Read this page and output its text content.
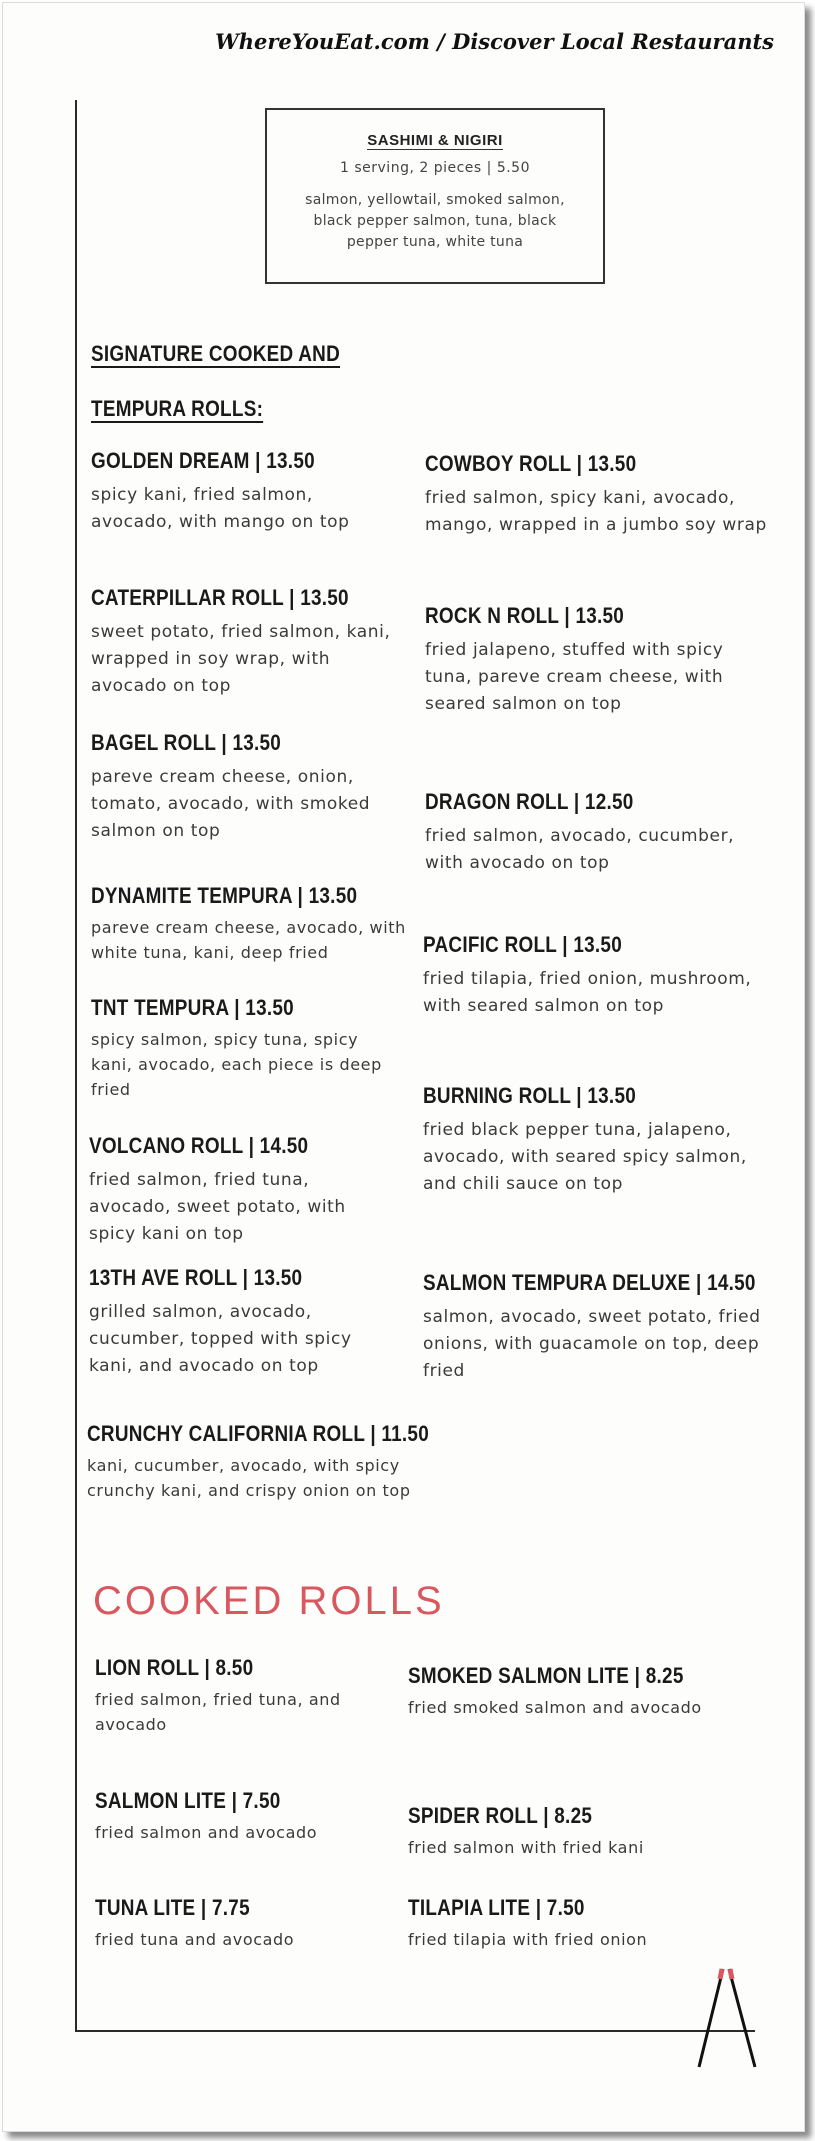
WhereYouEat.com / Discover Local Restaurants
SASHIMI & NIGIRI
1 serving, 2 pieces | 5.50
salmon, yellowtail, smoked salmon, black pepper salmon, tuna, black pepper tuna, white tuna
SIGNATURE COOKED AND
TEMPURA ROLLS:
GOLDEN DREAM | 13.50
spicy kani, fried salmon, avocado, with mango on top
CATERPILLAR ROLL | 13.50
sweet potato, fried salmon, kani, wrapped in soy wrap, with avocado on top
BAGEL ROLL | 13.50
pareve cream cheese, onion, tomato, avocado, with smoked salmon on top
DYNAMITE TEMPURA | 13.50
pareve cream cheese, avocado, with white tuna, kani, deep fried
TNT TEMPURA | 13.50
spicy salmon, spicy tuna, spicy kani, avocado, each piece is deep fried
VOLCANO ROLL | 14.50
fried salmon, fried tuna, avocado, sweet potato, with spicy kani on top
13TH AVE ROLL | 13.50
grilled salmon, avocado, cucumber, topped with spicy kani, and avocado on top
CRUNCHY CALIFORNIA ROLL | 11.50
kani, cucumber, avocado, with spicy crunchy kani, and crispy onion on top
COWBOY ROLL | 13.50
fried salmon, spicy kani, avocado, mango, wrapped in a jumbo soy wrap
ROCK N ROLL | 13.50
fried jalapeno, stuffed with spicy tuna, pareve cream cheese, with seared salmon on top
DRAGON ROLL | 12.50
fried salmon, avocado, cucumber, with avocado on top
PACIFIC ROLL | 13.50
fried tilapia, fried onion, mushroom, with seared salmon on top
BURNING ROLL | 13.50
fried black pepper tuna, jalapeno, avocado, with seared spicy salmon, and chili sauce on top
SALMON TEMPURA DELUXE | 14.50
salmon, avocado, sweet potato, fried onions, with guacamole on top, deep fried
COOKED ROLLS
LION ROLL | 8.50
fried salmon, fried tuna, and avocado
SALMON LITE | 7.50
fried salmon and avocado
TUNA LITE | 7.75
fried tuna and avocado
SMOKED SALMON LITE | 8.25
fried smoked salmon and avocado
SPIDER ROLL | 8.25
fried salmon with fried kani
TILAPIA LITE | 7.50
fried tilapia with fried onion
